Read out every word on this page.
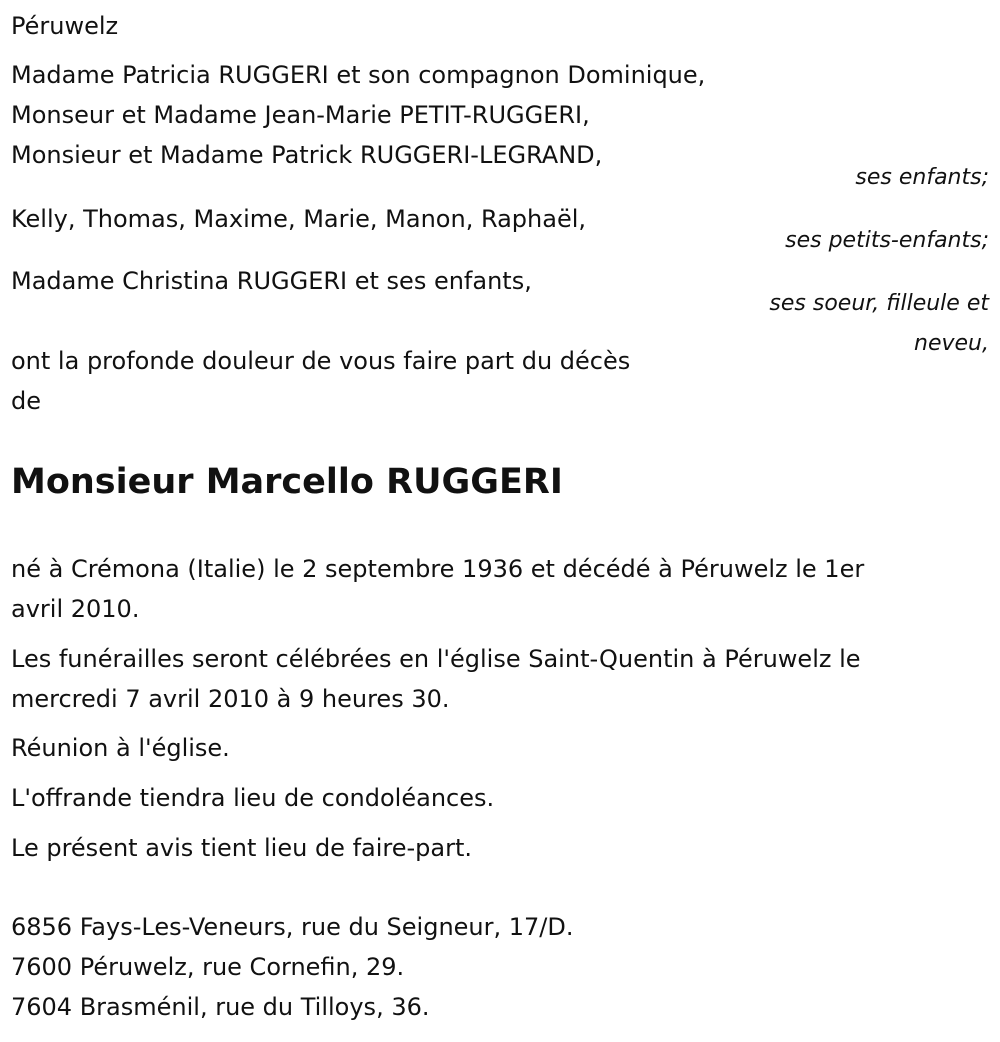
Péruwelz
Madame Patricia RUGGERI et son compagnon Dominique,
Monseur et Madame Jean-Marie PETIT-RUGGERI,
Monsieur et Madame Patrick RUGGERI-LEGRAND,
ses enfants;
Kelly, Thomas, Maxime, Marie, Manon, Raphaël,
ses petits-enfants;
Madame Christina RUGGERI et ses enfants,
ses soeur, filleule et
neveu,
ont la profonde douleur de vous faire part du décès
de
Monsieur Marcello RUGGERI
né à Crémona (Italie) le 2 septembre 1936 et décédé à Péruwelz le 1er
avril 2010.
Les funérailles seront célébrées en l'église Saint-Quentin à Péruwelz le
mercredi 7 avril 2010 à 9 heures 30.
Réunion à l'église.
L'offrande tiendra lieu de condoléances.
Le présent avis tient lieu de faire-part.
6856 Fays-Les-Veneurs, rue du Seigneur, 17/D.
7600 Péruwelz, rue Cornefin, 29.
7604 Brasménil, rue du Tilloys, 36.
